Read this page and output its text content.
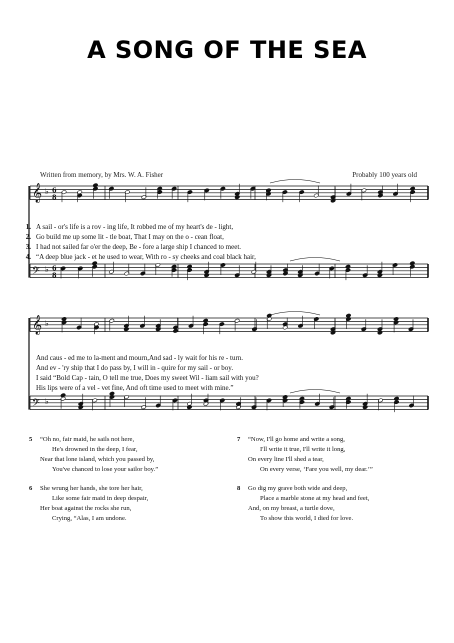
A SONG OF THE SEA
Written from memory, by Mrs. W. A. Fisher	Probably 100 years old
𝄞 ♭ 6
8
𝄢 ♭ 6
8
𝄞 ♭
𝄢 ♭
1. A sail - or's life is a rov - ing life, It robbed me of my heart's de - light,
2. Go build me up some lit - tle boat, That I may on the o - cean float,
3. I had not sailed far o'er the deep, Be - fore a large ship I chanced to meet.
4. “A deep blue jack - et he used to wear, With ro - sy cheeks and coal black hair,
And caus - ed me to la-ment and mourn,And sad - ly wait for his re - turn.
And ev - 'ry ship that I do pass by, I will in - quire for my sail - or boy.
I said “Bold Cap - tain, O tell me true, Does my sweet Wil - liam sail with you?
His lips were of a vel - vet fine, And oft time used to meet with mine.”
5 “Oh no, fair maid, he sails not here,
He's drowned in the deep, I fear,
Near that lone island, which you passed by,
You've chanced to lose your sailor boy.”
6 She wrung her hands, she tore her hair,
Like some fair maid in deep despair,
Her boat against the rocks she run,
Crying, “Alas, I am undone.
7 “Now, I'll go home and write a song,
I'll write it true, I'll write it long,
On every line I'll shed a tear,
On every verse, ‘Fare you well, my dear.’”
8 Go dig my grave both wide and deep,
Place a marble stone at my head and feet,
And, on my breast, a turtle dove,
To show this world, I died for love.
